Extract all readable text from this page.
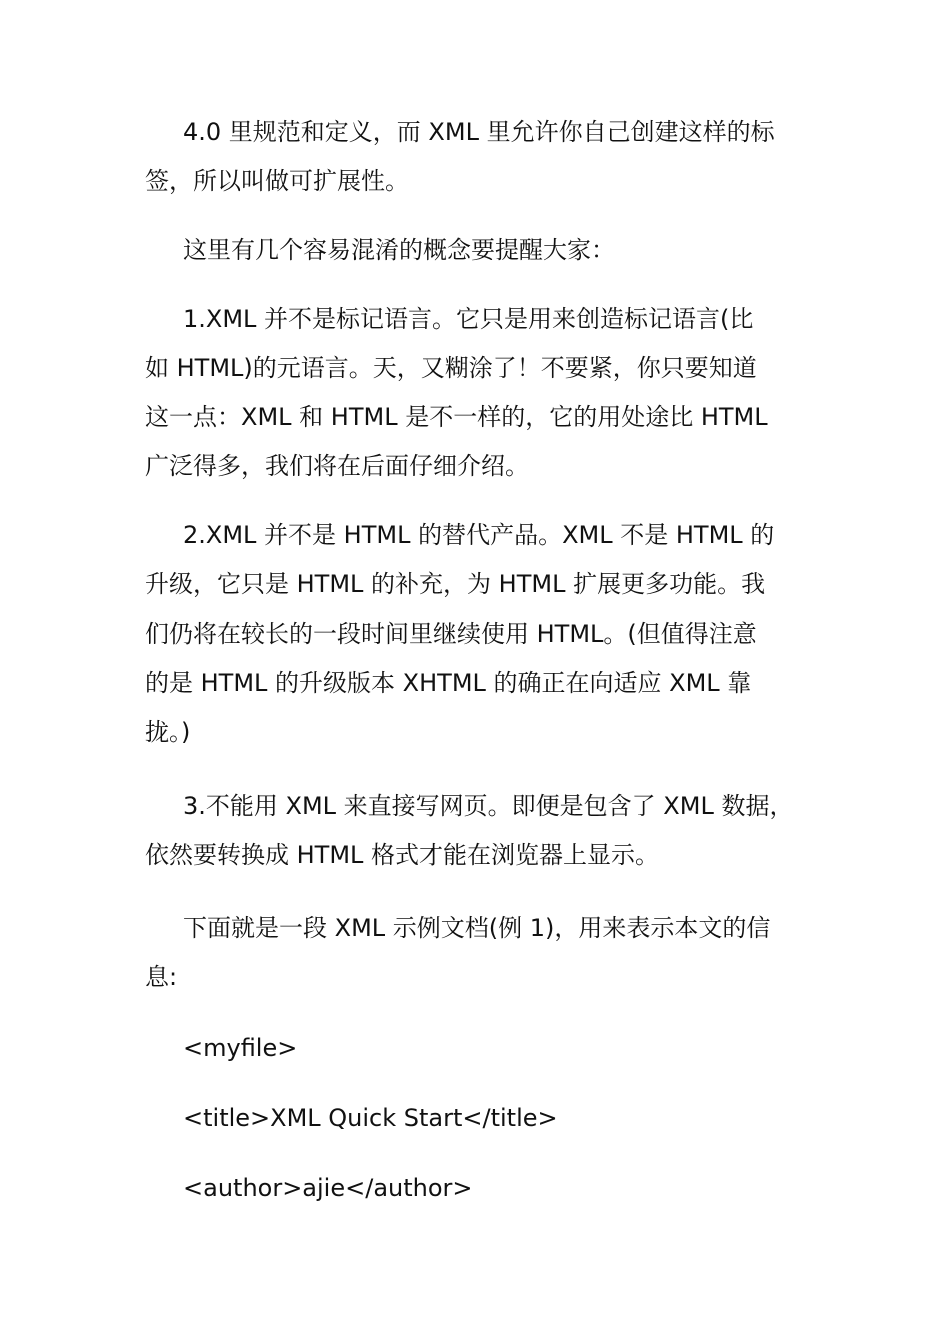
4.0 里规范和定义，而 XML 里允许你自己创建这样的标
签，所以叫做可扩展性。
这里有几个容易混淆的概念要提醒大家：
1.XML 并不是标记语言。它只是用来创造标记语言(比
如 HTML)的元语言。天，又糊涂了！不要紧，你只要知道
这一点：XML 和 HTML 是不一样的，它的用处途比 HTML
广泛得多，我们将在后面仔细介绍。
2.XML 并不是 HTML 的替代产品。XML 不是 HTML 的
升级，它只是 HTML 的补充，为 HTML 扩展更多功能。我
们仍将在较长的一段时间里继续使用 HTML。(但值得注意
的是 HTML 的升级版本 XHTML 的确正在向适应 XML 靠
拢。)
3.不能用 XML 来直接写网页。即便是包含了 XML 数据，
依然要转换成 HTML 格式才能在浏览器上显示。
下面就是一段 XML 示例文档(例 1)，用来表示本文的信
息:
<myfile>
<title>XML Quick Start</title>
<author>ajie</author>
